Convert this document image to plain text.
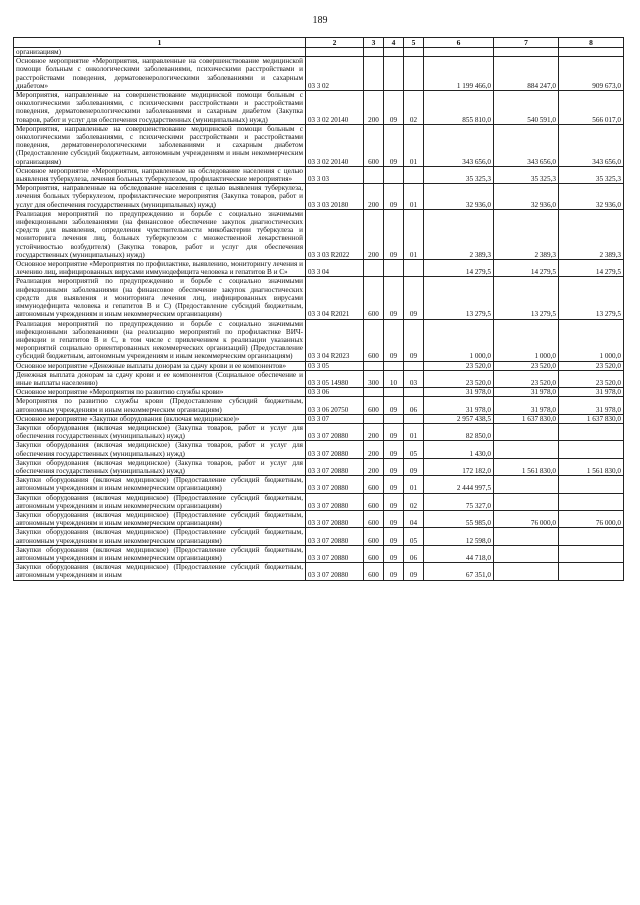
189
1	2	3	4	5	6	7	8
организациям)							
Основное мероприятие «Мероприятия, направленные на совершенствование медицинской помощи больным с онкологическими заболеваниями, психическими расстройствами и расстройствами поведения, дерматовенерологическими заболеваниями и сахарным диабетом»	03 3 02				1 199 466,0	884 247,0	909 673,0
Мероприятия, направленные на совершенствование медицинской помощи больным с онкологическими заболеваниями, с психическими расстройствами и расстройствами поведения, дерматовенерологическими заболеваниями и сахарным диабетом (Закупка товаров, работ и услуг для обеспечения государственных (муниципальных) нужд)	03 3 02 20140	200	09	02	855 810,0	540 591,0	566 017,0
Мероприятия, направленные на совершенствование медицинской помощи больным с онкологическими заболеваниями, с психическими расстройствами и расстройствами поведения, дерматовенерологическими заболеваниями и сахарным диабетом (Предоставление субсидий бюджетным, автономным учреждениям и иным некоммерческим организациям)	03 3 02 20140	600	09	01	343 656,0	343 656,0	343 656,0
Основное мероприятие «Мероприятия, направленные на обследование населения с целью выявления туберкулеза, лечения больных туберкулезом, профилактические мероприятия»	03 3 03				35 325,3	35 325,3	35 325,3
Мероприятия, направленные на обследование населения с целью выявления туберкулеза, лечения больных туберкулезом, профилактические мероприятия (Закупка товаров, работ и услуг для обеспечения государственных (муниципальных) нужд)	03 3 03 20180	200	09	01	32 936,0	32 936,0	32 936,0
Реализация мероприятий по предупреждению и борьбе с социально значимыми инфекционными заболеваниями (на финансовое обеспечение закупок диагностических средств для выявления, определения чувствительности микобактерии туберкулеза и мониторинга лечения лиц, больных туберкулезом с множественной лекарственной устойчивостью возбудителя) (Закупка товаров, работ и услуг для обеспечения государственных (муниципальных) нужд)	03 3 03 R2022	200	09	01	2 389,3	2 389,3	2 389,3
Основное мероприятие «Мероприятия по профилактике, выявлению, мониторингу лечения и лечению лиц, инфицированных вирусами иммунодефицита человека и гепатитов В и С»	03 3 04				14 279,5	14 279,5	14 279,5
Реализация мероприятий по предупреждению и борьбе с социально значимыми инфекционными заболеваниями (на финансовое обеспечение закупок диагностических средств для выявления и мониторинга лечения лиц, инфицированных вирусами иммунодефицита человека и гепатитов В и С) (Предоставление субсидий бюджетным, автономным учреждениям и иным некоммерческим организациям)	03 3 04 R2021	600	09	09	13 279,5	13 279,5	13 279,5
Реализация мероприятий по предупреждению и борьбе с социально значимыми инфекционными заболеваниями (на реализацию мероприятий по профилактике ВИЧ-инфекции и гепатитов В и С, в том числе с привлечением к реализации указанных мероприятий социально ориентированных некоммерческих организаций) (Предоставление субсидий бюджетным, автономным учреждениям и иным некоммерческим организациям)	03 3 04 R2023	600	09	09	1 000,0	1 000,0	1 000,0
Основное мероприятие «Денежные выплаты донорам за сдачу крови и ее компонентов»	03 3 05				23 520,0	23 520,0	23 520,0
Денежная выплата донорам за сдачу крови и ее компонентов (Социальное обеспечение и иные выплаты населению)	03 3 05 14980	300	10	03	23 520,0	23 520,0	23 520,0
Основное мероприятие «Мероприятия по развитию службы крови»	03 3 06				31 978,0	31 978,0	31 978,0
Мероприятия по развитию службы крови (Предоставление субсидий бюджетным, автономным учреждениям и иным некоммерческим организациям)	03 3 06 20750	600	09	06	31 978,0	31 978,0	31 978,0
Основное мероприятие «Закупки оборудования (включая медицинское)»	03 3 07				2 957 438,5	1 637 830,0	1 637 830,0
Закупки оборудования (включая медицинское) (Закупка товаров, работ и услуг для обеспечения государственных (муниципальных) нужд)	03 3 07 20880	200	09	01	82 850,0		
Закупки оборудования (включая медицинское) (Закупка товаров, работ и услуг для обеспечения государственных (муниципальных) нужд)	03 3 07 20880	200	09	05	1 430,0		
Закупки оборудования (включая медицинское) (Закупка товаров, работ и услуг для обеспечения государственных (муниципальных) нужд)	03 3 07 20880	200	09	09	172 182,0	1 561 830,0	1 561 830,0
Закупки оборудования (включая медицинское) (Предоставление субсидий бюджетным, автономным учреждениям и иным некоммерческим организациям)	03 3 07 20880	600	09	01	2 444 997,5		
Закупки оборудования (включая медицинское) (Предоставление субсидий бюджетным, автономным учреждениям и иным некоммерческим организациям)	03 3 07 20880	600	09	02	75 327,0		
Закупки оборудования (включая медицинское) (Предоставление субсидий бюджетным, автономным учреждениям и иным некоммерческим организациям)	03 3 07 20880	600	09	04	55 985,0	76 000,0	76 000,0
Закупки оборудования (включая медицинское) (Предоставление субсидий бюджетным, автономным учреждениям и иным некоммерческим организациям)	03 3 07 20880	600	09	05	12 598,0		
Закупки оборудования (включая медицинское) (Предоставление субсидий бюджетным, автономным учреждениям и иным некоммерческим организациям)	03 3 07 20880	600	09	06	44 718,0		
Закупки оборудования (включая медицинское) (Предоставление субсидий бюджетным, автономным учреждениям и иным	03 3 07 20880	600	09	09	67 351,0		
